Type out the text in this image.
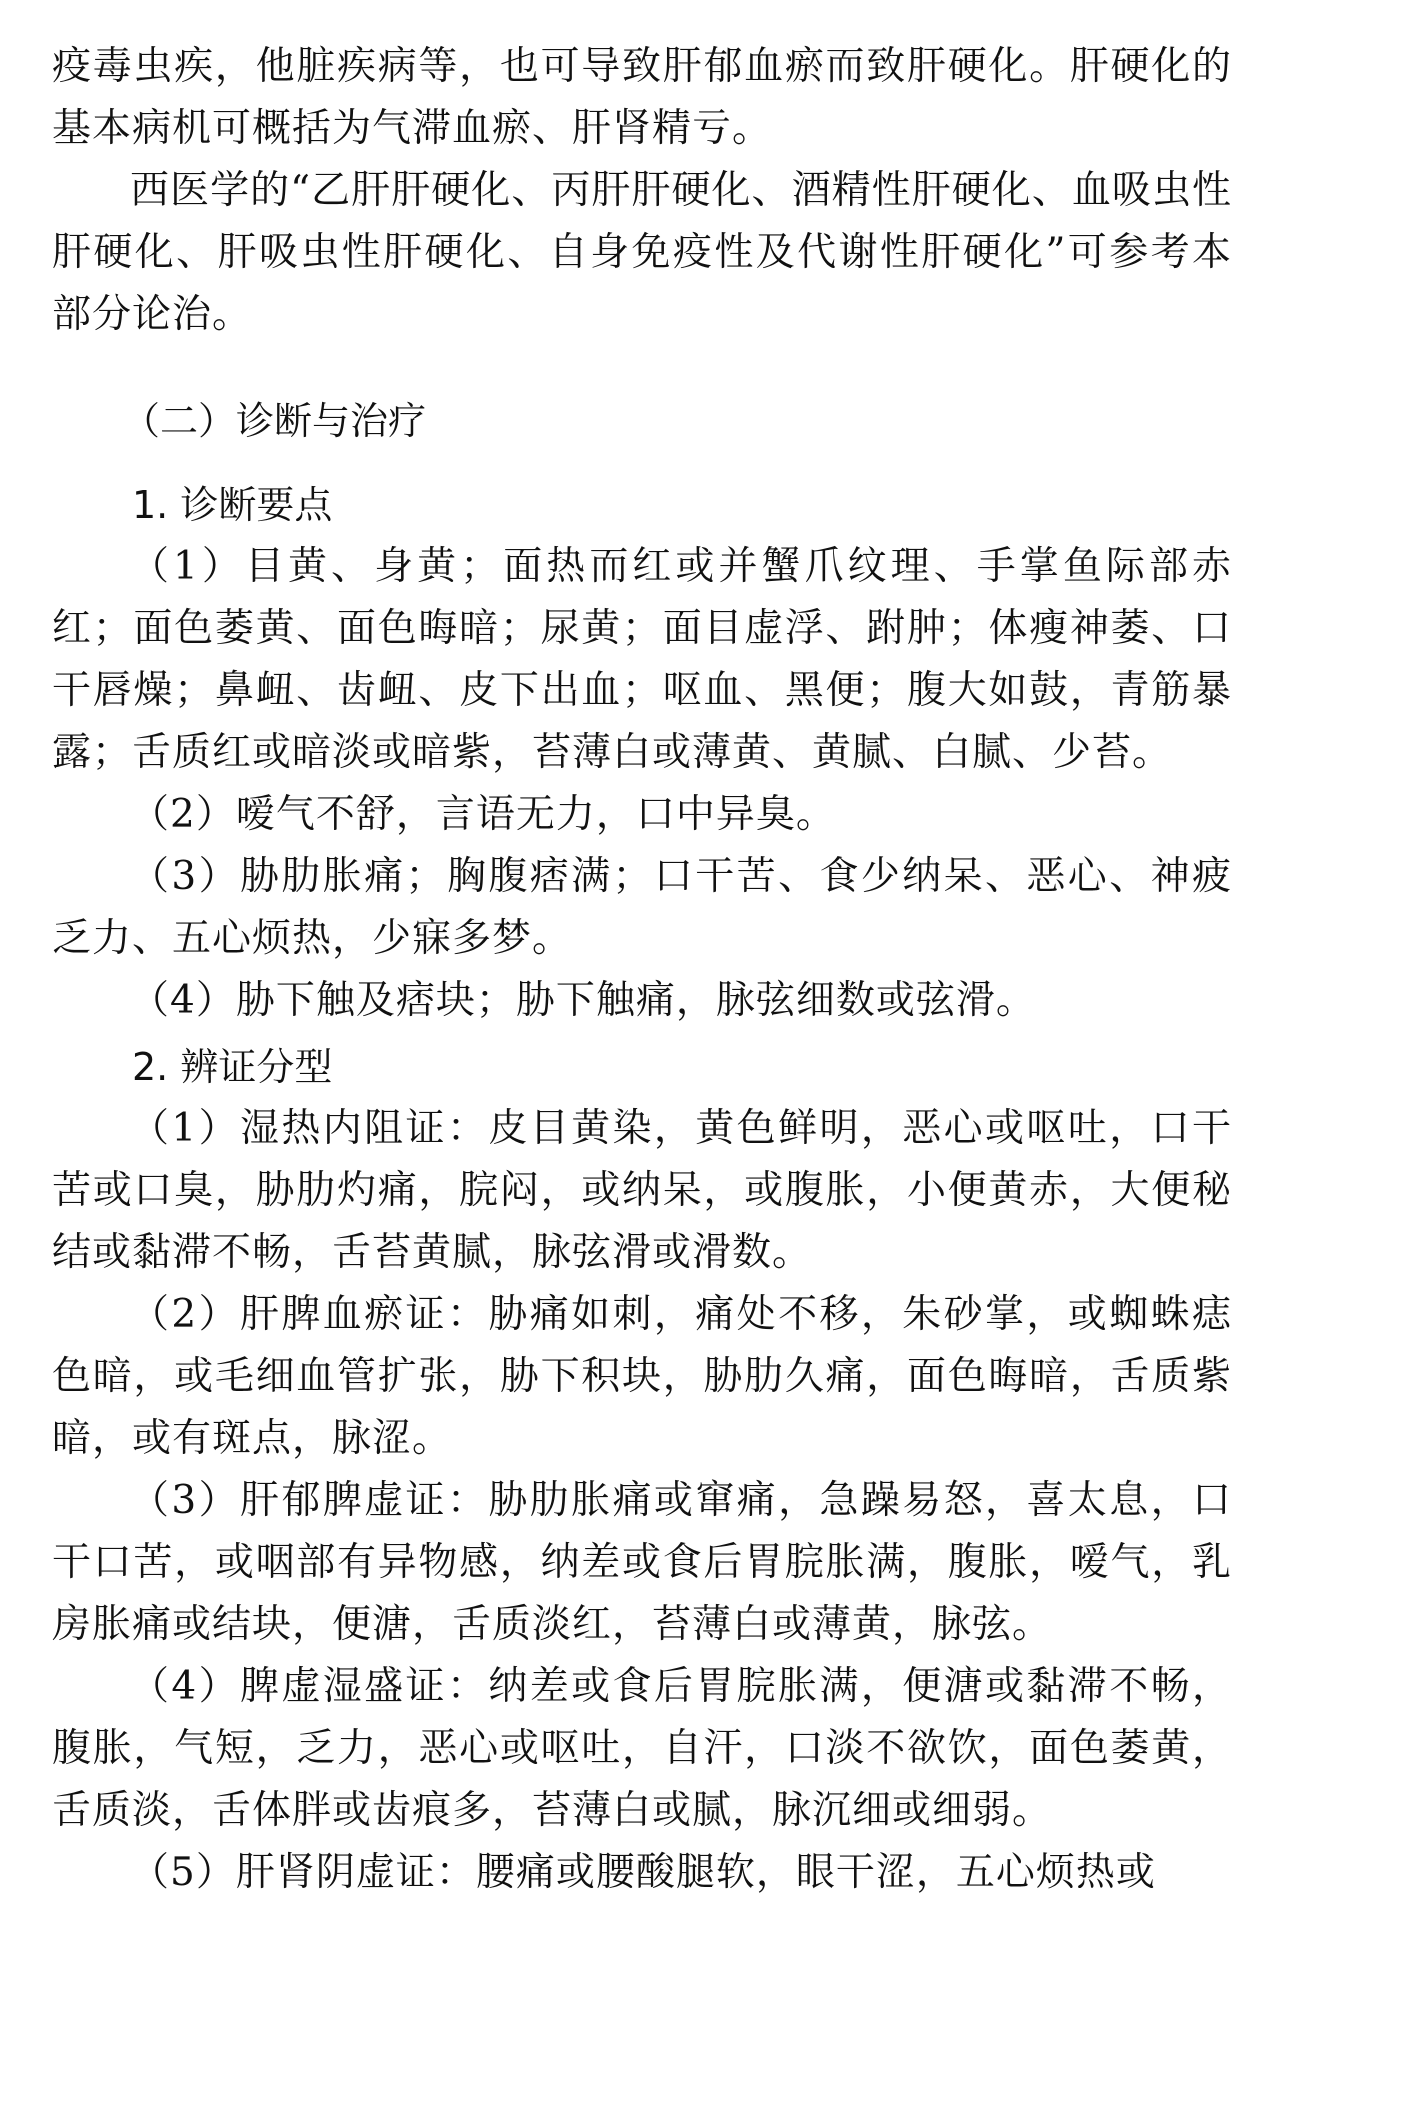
疫毒虫疾，他脏疾病等，也可导致肝郁血瘀而致肝硬化。肝硬化的基本病机可概括为气滞血瘀、肝肾精亏。

西医学的“乙肝肝硬化、丙肝肝硬化、酒精性肝硬化、血吸虫性肝硬化、肝吸虫性肝硬化、自身免疫性及代谢性肝硬化”可参考本部分论治。

（二）诊断与治疗
1. 诊断要点

（1）目黄、身黄；面热而红或并蟹爪纹理、手掌鱼际部赤红；面色萎黄、面色晦暗；尿黄；面目虚浮、跗肿；体瘦神萎、口干唇燥；鼻衄、齿衄、皮下出血；呕血、黑便；腹大如鼓，青筋暴露；舌质红或暗淡或暗紫，苔薄白或薄黄、黄腻、白腻、少苔。

（2）嗳气不舒，言语无力，口中异臭。

（3）胁肋胀痛；胸腹痞满；口干苦、食少纳呆、恶心、神疲乏力、五心烦热，少寐多梦。

（4）胁下触及痞块；胁下触痛，脉弦细数或弦滑。

2. 辨证分型

（1）湿热内阻证：皮目黄染，黄色鲜明，恶心或呕吐，口干苦或口臭，胁肋灼痛，脘闷，或纳呆，或腹胀，小便黄赤，大便秘结或黏滞不畅，舌苔黄腻，脉弦滑或滑数。

（2）肝脾血瘀证：胁痛如刺，痛处不移，朱砂掌，或蜘蛛痣色暗，或毛细血管扩张，胁下积块，胁肋久痛，面色晦暗，舌质紫暗，或有斑点，脉涩。

（3）肝郁脾虚证：胁肋胀痛或窜痛，急躁易怒，喜太息，口干口苦，或咽部有异物感，纳差或食后胃脘胀满，腹胀，嗳气，乳房胀痛或结块，便溏，舌质淡红，苔薄白或薄黄，脉弦。

（4）脾虚湿盛证：纳差或食后胃脘胀满，便溏或黏滞不畅，腹胀，气短，乏力，恶心或呕吐，自汗，口淡不欲饮，面色萎黄，舌质淡，舌体胖或齿痕多，苔薄白或腻，脉沉细或细弱。

（5）肝肾阴虚证：腰痛或腰酸腿软，眼干涩，五心烦热或
